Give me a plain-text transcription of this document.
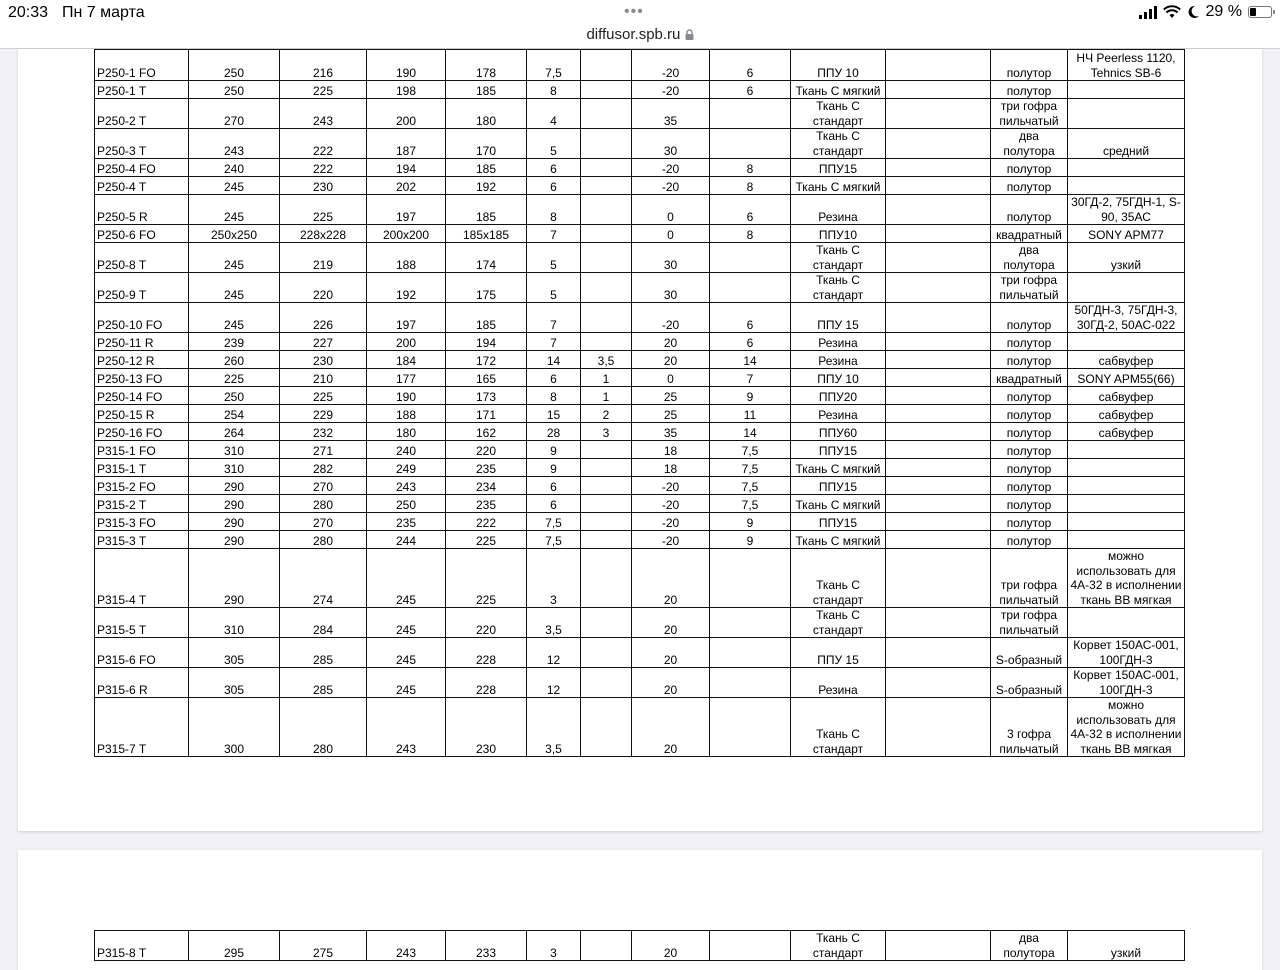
20:33 Пн 7 марта	•••	29 %
diffusor.spb.ru
P250-1 FO	250	216	190	178	7,5		-20	6	ППУ 10		полутор	НЧ Peerless 1120, Tehnics SB-6
P250-1 T	250	225	198	185	8		-20	6	Ткань С мягкий		полутор	
P250-2 T	270	243	200	180	4		35		Ткань С стандарт		три гофра пильчатый	
P250-3 T	243	222	187	170	5		30		Ткань С стандарт		два полутора	средний
P250-4 FO	240	222	194	185	6		-20	8	ППУ15		полутор	
P250-4 T	245	230	202	192	6		-20	8	Ткань С мягкий		полутор	
P250-5 R	245	225	197	185	8		0	6	Резина		полутор	30ГД-2, 75ГДН-1, S-90, 35АС
P250-6 FO	250x250	228x228	200x200	185x185	7		0	8	ППУ10		квадратный	SONY APM77
P250-8 T	245	219	188	174	5		30		Ткань С стандарт		два полутора	узкий
P250-9 T	245	220	192	175	5		30		Ткань С стандарт		три гофра пильчатый	
P250-10 FO	245	226	197	185	7		-20	6	ППУ 15		полутор	50ГДН-3, 75ГДН-3, 30ГД-2, 50АС-022
P250-11 R	239	227	200	194	7		20	6	Резина		полутор	
P250-12 R	260	230	184	172	14	3,5	20	14	Резина		полутор	сабвуфер
P250-13 FO	225	210	177	165	6	1	0	7	ППУ 10		квадратный	SONY APM55(66)
P250-14 FO	250	225	190	173	8	1	25	9	ППУ20		полутор	сабвуфер
P250-15 R	254	229	188	171	15	2	25	11	Резина		полутор	сабвуфер
P250-16 FO	264	232	180	162	28	3	35	14	ППУ60		полутор	сабвуфер
P315-1 FO	310	271	240	220	9		18	7,5	ППУ15		полутор	
P315-1 T	310	282	249	235	9		18	7,5	Ткань С мягкий		полутор	
P315-2 FO	290	270	243	234	6		-20	7,5	ППУ15		полутор	
P315-2 T	290	280	250	235	6		-20	7,5	Ткань С мягкий		полутор	
P315-3 FO	290	270	235	222	7,5		-20	9	ППУ15		полутор	
P315-3 T	290	280	244	225	7,5		-20	9	Ткань С мягкий		полутор	
P315-4 T	290	274	245	225	3		20		Ткань С стандарт		три гофра пильчатый	можно использовать для 4А-32 в исполнении ткань ВВ мягкая
P315-5 T	310	284	245	220	3,5		20		Ткань С стандарт		три гофра пильчатый	
P315-6 FO	305	285	245	228	12		20		ППУ 15		S-образный	Корвет 150АС-001, 100ГДН-3
P315-6 R	305	285	245	228	12		20		Резина		S-образный	Корвет 150АС-001, 100ГДН-3
P315-7 T	300	280	243	230	3,5		20		Ткань С стандарт		3 гофра пильчатый	можно использовать для 4А-32 в исполнении ткань ВВ мягкая
P315-8 T	295	275	243	233	3		20		Ткань С стандарт		два полутора	узкий
